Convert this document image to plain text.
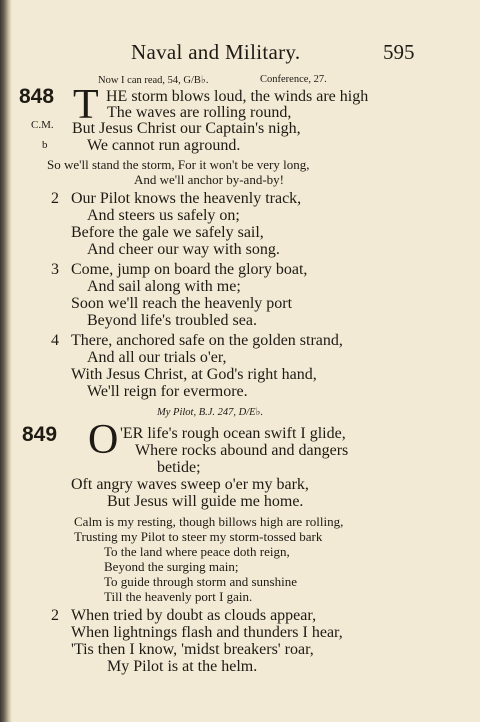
Naval and Military.	595
Now I can read, 54, G/B♭.	Conference, 27.
848 T
C.M.
b
HE storm blows loud, the winds are high
The waves are rolling round,
But Jesus Christ our Captain's nigh,
We cannot run aground.
So we'll stand the storm, For it won't be very long,
And we'll anchor by-and-by!
2 Our Pilot knows the heavenly track,
And steers us safely on;
Before the gale we safely sail,
And cheer our way with song.
3 Come, jump on board the glory boat,
And sail along with me;
Soon we'll reach the heavenly port
Beyond life's troubled sea.
4 There, anchored safe on the golden strand,
And all our trials o'er,
With Jesus Christ, at God's right hand,
We'll reign for evermore.
My Pilot, B.J. 247, D/E♭.
849 O 'ER life's rough ocean swift I glide,
Where rocks abound and dangers
betide;
Oft angry waves sweep o'er my bark,
But Jesus will guide me home.
Calm is my resting, though billows high are rolling,
Trusting my Pilot to steer my storm-tossed bark
To the land where peace doth reign,
Beyond the surging main;
To guide through storm and sunshine
Till the heavenly port I gain.
2 When tried by doubt as clouds appear,
When lightnings flash and thunders I hear,
'Tis then I know, 'midst breakers' roar,
My Pilot is at the helm.
